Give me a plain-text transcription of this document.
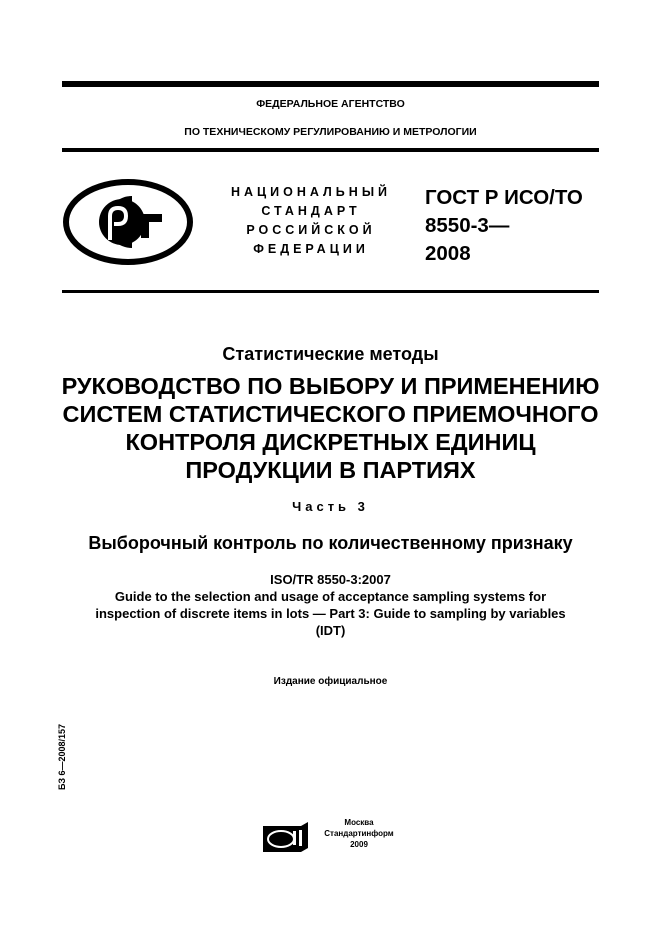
ФЕДЕРАЛЬНОЕ АГЕНТСТВО
ПО ТЕХНИЧЕСКОМУ РЕГУЛИРОВАНИЮ И МЕТРОЛОГИИ
НАЦИОНАЛЬНЫЙ
СТАНДАРТ
РОССИЙСКОЙ
ФЕДЕРАЦИИ
ГОСТ Р ИСО/ТО
8550-3—
2008
Статистические методы
РУКОВОДСТВО ПО ВЫБОРУ И ПРИМЕНЕНИЮ
СИСТЕМ СТАТИСТИЧЕСКОГО ПРИЕМОЧНОГО
КОНТРОЛЯ ДИСКРЕТНЫХ ЕДИНИЦ
ПРОДУКЦИИ В ПАРТИЯХ
Часть 3
Выборочный контроль по количественному признаку
ISO/TR 8550-3:2007
Guide to the selection and usage of acceptance sampling systems for
inspection of discrete items in lots — Part 3: Guide to sampling by variables
(IDT)
Издание официальное
БЗ 6—2008/157
Москва
Стандартинформ
2009
